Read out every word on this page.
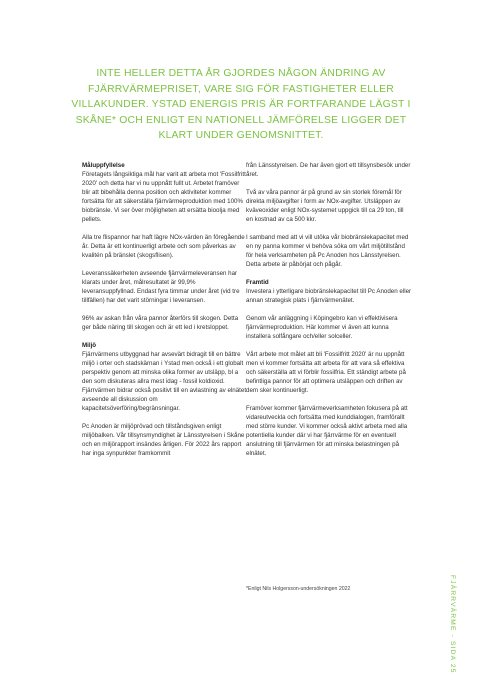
INTE HELLER DETTA ÅR GJORDES NÅGON ÄNDRING AV FJÄRRVÄRMEPRISET, VARE SIG FÖR FASTIGHETER ELLER VILLAKUNDER. YSTAD ENERGIS PRIS ÄR FORTFARANDE LÄGST I SKÅNE* OCH ENLIGT EN NATIONELL JÄMFÖRELSE LIGGER DET KLART UNDER GENOMSNITTET.

Måluppfyllelse

Företagets långsiktiga mål har varit att arbeta mot 'Fossilfritt 2020' och detta har vi nu uppnått fullt ut. Arbetet framöver blir att bibehålla denna position och aktiviteter kommer fortsätta för att säkerställa fjärrvärmeproduktion med 100% biobränsle. Vi ser över möjligheten att ersätta bioolja med pellets.

Alla tre flispannor har haft lägre NOx-värden än föregående år. Detta är ett kontinuerligt arbete och som påverkas av kvalitén på bränslet (skogsflisen).

Leveranssäkerheten avseende fjärrvärmeleveransen har klarats under året, målresultatet är 99,9% leveransuppfyllnad. Endast fyra timmar under året (vid tre tillfällen) har det varit störningar i leveransen.

96% av askan från våra pannor återförs till skogen. Detta ger både näring till skogen och är ett led i kretsloppet.

Miljö

Fjärrvärmens utbyggnad har avsevärt bidragit till en bättre miljö i orter och stadskärnan i Ystad men också i ett globalt perspektiv genom att minska olika former av utsläpp, bl a den som diskuteras allra mest idag - fossil koldioxid. Fjärrvärmen bidrar också positivt till en avlastning av elnätet avseende all diskussion om kapacitetsöverföring/begränsningar.

Pc Anoden är miljöprövad och tillståndsgiven enligt miljöbalken. Vår tillsynsmyndighet är Länsstyrelsen i Skåne och en miljörapport insändes årligen. För 2022 års rapport har inga synpunkter framkommit

från Länsstyrelsen. De har även gjort ett tillsynsbesök under året.

Två av våra pannor är på grund av sin storlek föremål för direkta miljöavgifter i form av NOx-avgifter. Utsläppen av kväveoxider enligt NOx-systemet uppgick till ca 29 ton, till en kostnad av ca 500 kkr.

I samband med att vi vill utöka vår biobränslekapacitet med en ny panna kommer vi behöva söka om vårt miljötillstånd för hela verksamheten på Pc Anoden hos Länsstyrelsen. Detta arbete är påbörjat och pågår.

Framtid

Investera i ytterligare biobränslekapacitet till Pc Anoden eller annan strategisk plats i fjärrvärmenätet.

Genom vår anläggning i Köpingebro kan vi effektivisera fjärrvärmeproduktion. Här kommer vi även att kunna installera solfångare och/eller solceller.

Vårt arbete mot målet att bli 'Fossilfritt 2020' är nu uppnått men vi kommer fortsätta att arbeta för att vara så effektiva och säkerställa att vi förblir fossilfria. Ett ständigt arbete på befintliga pannor för att optimera utsläppen och driften av dem sker kontinuerligt.

Framöver kommer fjärrvärmeverksamheten fokusera på att vidareutveckla och fortsätta med kunddialogen, framförallt med större kunder. Vi kommer också aktivt arbeta med alla potentiella kunder där vi har fjärrvärme för en eventuell anslutning till fjärrvärmen för att minska belastningen på elnätet.

*Enligt Nils Holgersson-undersökningen 2022	FJÄRRVÄRME - SIDA 25
